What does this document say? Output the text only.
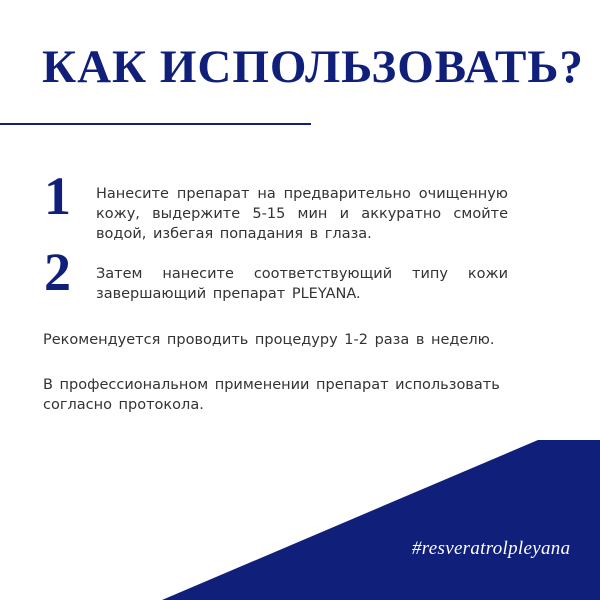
КАК ИСПОЛЬЗОВАТЬ?
1 Нанесите препарат на предварительно очищенную кожу, выдержите 5-15 мин и аккуратно смойте водой, избегая попадания в глаза.
2 Затем нанесите соответствующий типу кожи завершающий препарат PLEYANA.
Рекомендуется проводить процедуру 1-2 раза в неделю.
В профессиональном применении препарат использовать согласно протокола.
#resveratrolpleyana
